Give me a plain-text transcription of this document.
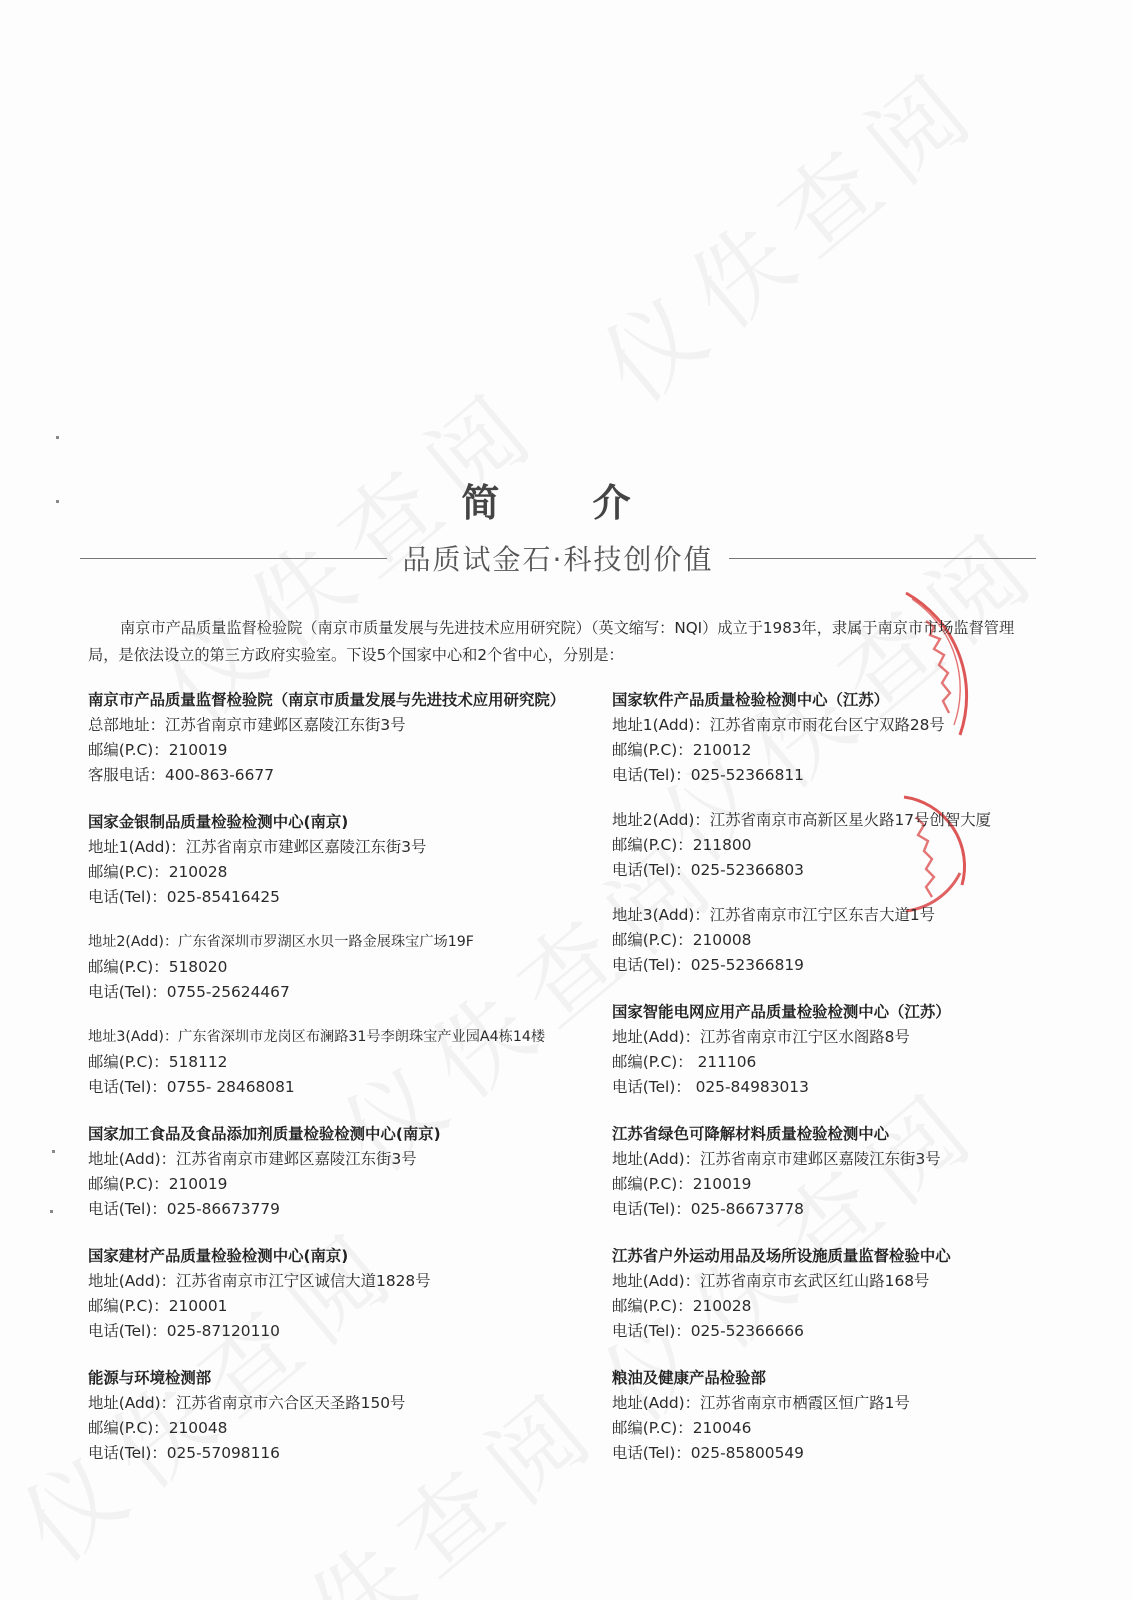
简 介
品质试金石·科技创价值
南京市产品质量监督检验院（南京市质量发展与先进技术应用研究院）（英文缩写：NQI）成立于1983年，隶属于南京市市场监督管理局，是依法设立的第三方政府实验室。下设5个国家中心和2个省中心，分别是：
南京市产品质量监督检验院（南京市质量发展与先进技术应用研究院）
总部地址：江苏省南京市建邺区嘉陵江东街3号
邮编(P.C)：210019
客服电话：400-863-6677
国家金银制品质量检验检测中心(南京)
地址1(Add)：江苏省南京市建邺区嘉陵江东街3号
邮编(P.C)：210028
电话(Tel)：025-85416425
地址2(Add)：广东省深圳市罗湖区水贝一路金展珠宝广场19F
邮编(P.C)：518020
电话(Tel)：0755-25624467
地址3(Add)：广东省深圳市龙岗区布澜路31号李朗珠宝产业园A4栋14楼
邮编(P.C)：518112
电话(Tel)：0755- 28468081
国家加工食品及食品添加剂质量检验检测中心(南京)
地址(Add)：江苏省南京市建邺区嘉陵江东街3号
邮编(P.C)：210019
电话(Tel)：025-86673779
国家建材产品质量检验检测中心(南京)
地址(Add)：江苏省南京市江宁区诚信大道1828号
邮编(P.C)：210001
电话(Tel)：025-87120110
能源与环境检测部
地址(Add)：江苏省南京市六合区天圣路150号
邮编(P.C)：210048
电话(Tel)：025-57098116
国家软件产品质量检验检测中心（江苏）
地址1(Add)：江苏省南京市雨花台区宁双路28号
邮编(P.C)：210012
电话(Tel)：025-52366811
地址2(Add)：江苏省南京市高新区星火路17号创智大厦
邮编(P.C)：211800
电话(Tel)：025-52366803
地址3(Add)：江苏省南京市江宁区东吉大道1号
邮编(P.C)：210008
电话(Tel)：025-52366819
国家智能电网应用产品质量检验检测中心（江苏）
地址(Add)：江苏省南京市江宁区水阁路8号
邮编(P.C)： 211106
电话(Tel)： 025-84983013
江苏省绿色可降解材料质量检验检测中心
地址(Add)：江苏省南京市建邺区嘉陵江东街3号
邮编(P.C)：210019
电话(Tel)：025-86673778
江苏省户外运动用品及场所设施质量监督检验中心
地址(Add)：江苏省南京市玄武区红山路168号
邮编(P.C)：210028
电话(Tel)：025-52366666
粮油及健康产品检验部
地址(Add)：江苏省南京市栖霞区恒广路1号
邮编(P.C)：210046
电话(Tel)：025-85800549
